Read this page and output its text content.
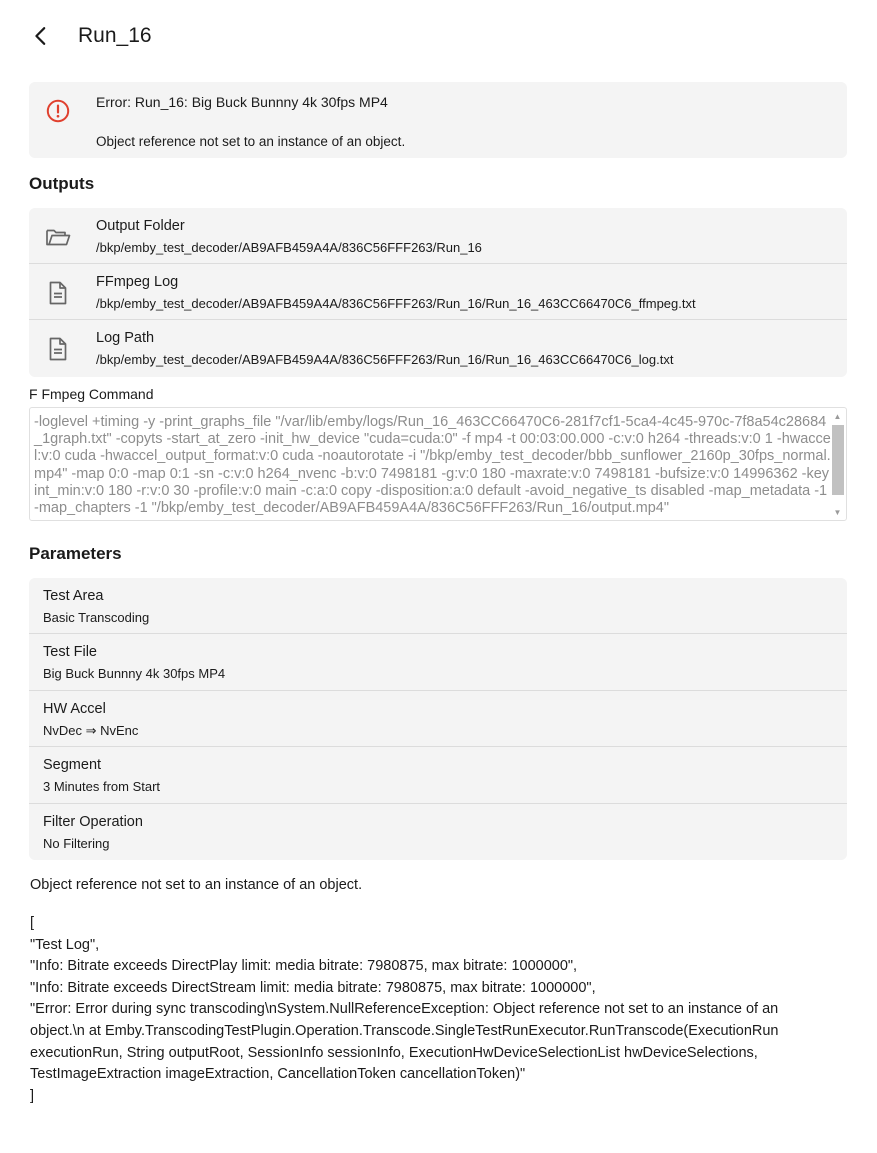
Run_16
Error: Run_16: Big Buck Bunnny 4k 30fps MP4
Object reference not set to an instance of an object.
Outputs
Output Folder
/bkp/emby_test_decoder/AB9AFB459A4A/836C56FFF263/Run_16
FFmpeg Log
/bkp/emby_test_decoder/AB9AFB459A4A/836C56FFF263/Run_16/Run_16_463CC66470C6_ffmpeg.txt
Log Path
/bkp/emby_test_decoder/AB9AFB459A4A/836C56FFF263/Run_16/Run_16_463CC66470C6_log.txt
F Fmpeg Command
-loglevel +timing -y -print_graphs_file "/var/lib/emby/logs/Run_16_463CC66470C6-281f7cf1-5ca4-4c45-970c-7f8a54c28684_1graph.txt" -copyts -start_at_zero -init_hw_device "cuda=cuda:0" -f mp4 -t 00:03:00.000 -c:v:0 h264 -threads:v:0 1 -hwaccel:v:0 cuda -hwaccel_output_format:v:0 cuda -noautorotate -i "/bkp/emby_test_decoder/bbb_sunflower_2160p_30fps_normal.mp4" -map 0:0 -map 0:1 -sn -c:v:0 h264_nvenc -b:v:0 7498181 -g:v:0 180 -maxrate:v:0 7498181 -bufsize:v:0 14996362 -keyint_min:v:0 180 -r:v:0 30 -profile:v:0 main -c:a:0 copy -disposition:a:0 default -avoid_negative_ts disabled -map_metadata -1 -map_chapters -1 "/bkp/emby_test_decoder/AB9AFB459A4A/836C56FFF263/Run_16/output.mp4"
▲
▼
Parameters
Test Area
Basic Transcoding
Test File
Big Buck Bunnny 4k 30fps MP4
HW Accel
NvDec ⇒ NvEnc
Segment
3 Minutes from Start
Filter Operation
No Filtering
Object reference not set to an instance of an object.
[
"Test Log",
"Info: Bitrate exceeds DirectPlay limit: media bitrate: 7980875, max bitrate: 1000000",
"Info: Bitrate exceeds DirectStream limit: media bitrate: 7980875, max bitrate: 1000000",
"Error: Error during sync transcoding\nSystem.NullReferenceException: Object reference not set to an instance of an object.\n at Emby.TranscodingTestPlugin.Operation.Transcode.SingleTestRunExecutor.RunTranscode(ExecutionRun executionRun, String outputRoot, SessionInfo sessionInfo, ExecutionHwDeviceSelectionList hwDeviceSelections, TestImageExtraction imageExtraction, CancellationToken cancellationToken)"
]
